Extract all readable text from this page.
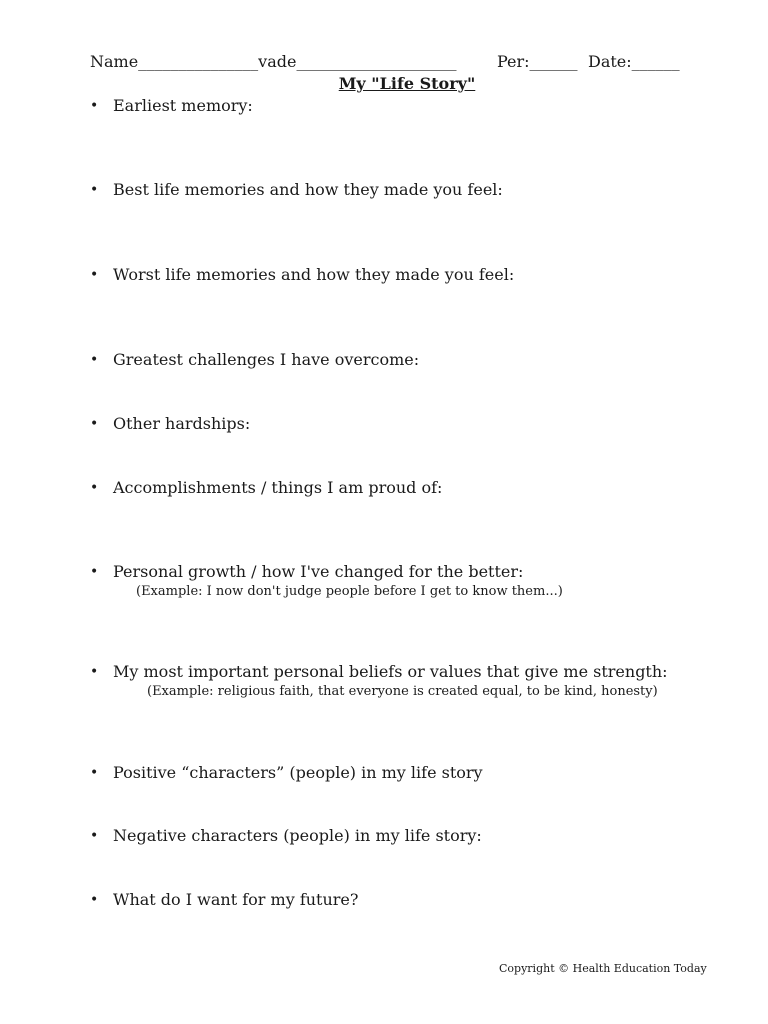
Name_______________vade____________________	Per:______ Date:______
My "Life Story"
• Earliest memory:
• Best life memories and how they made you feel:
• Worst life memories and how they made you feel:
• Greatest challenges I have overcome:
• Other hardships:
• Accomplishments / things I am proud of:
• Personal growth / how I've changed for the better:
(Example: I now don't judge people before I get to know them...)
• My most important personal beliefs or values that give me strength:
(Example: religious faith, that everyone is created equal, to be kind, honesty)
• Positive “characters” (people) in my life story
• Negative characters (people) in my life story:
• What do I want for my future?
Copyright © Health Education Today
